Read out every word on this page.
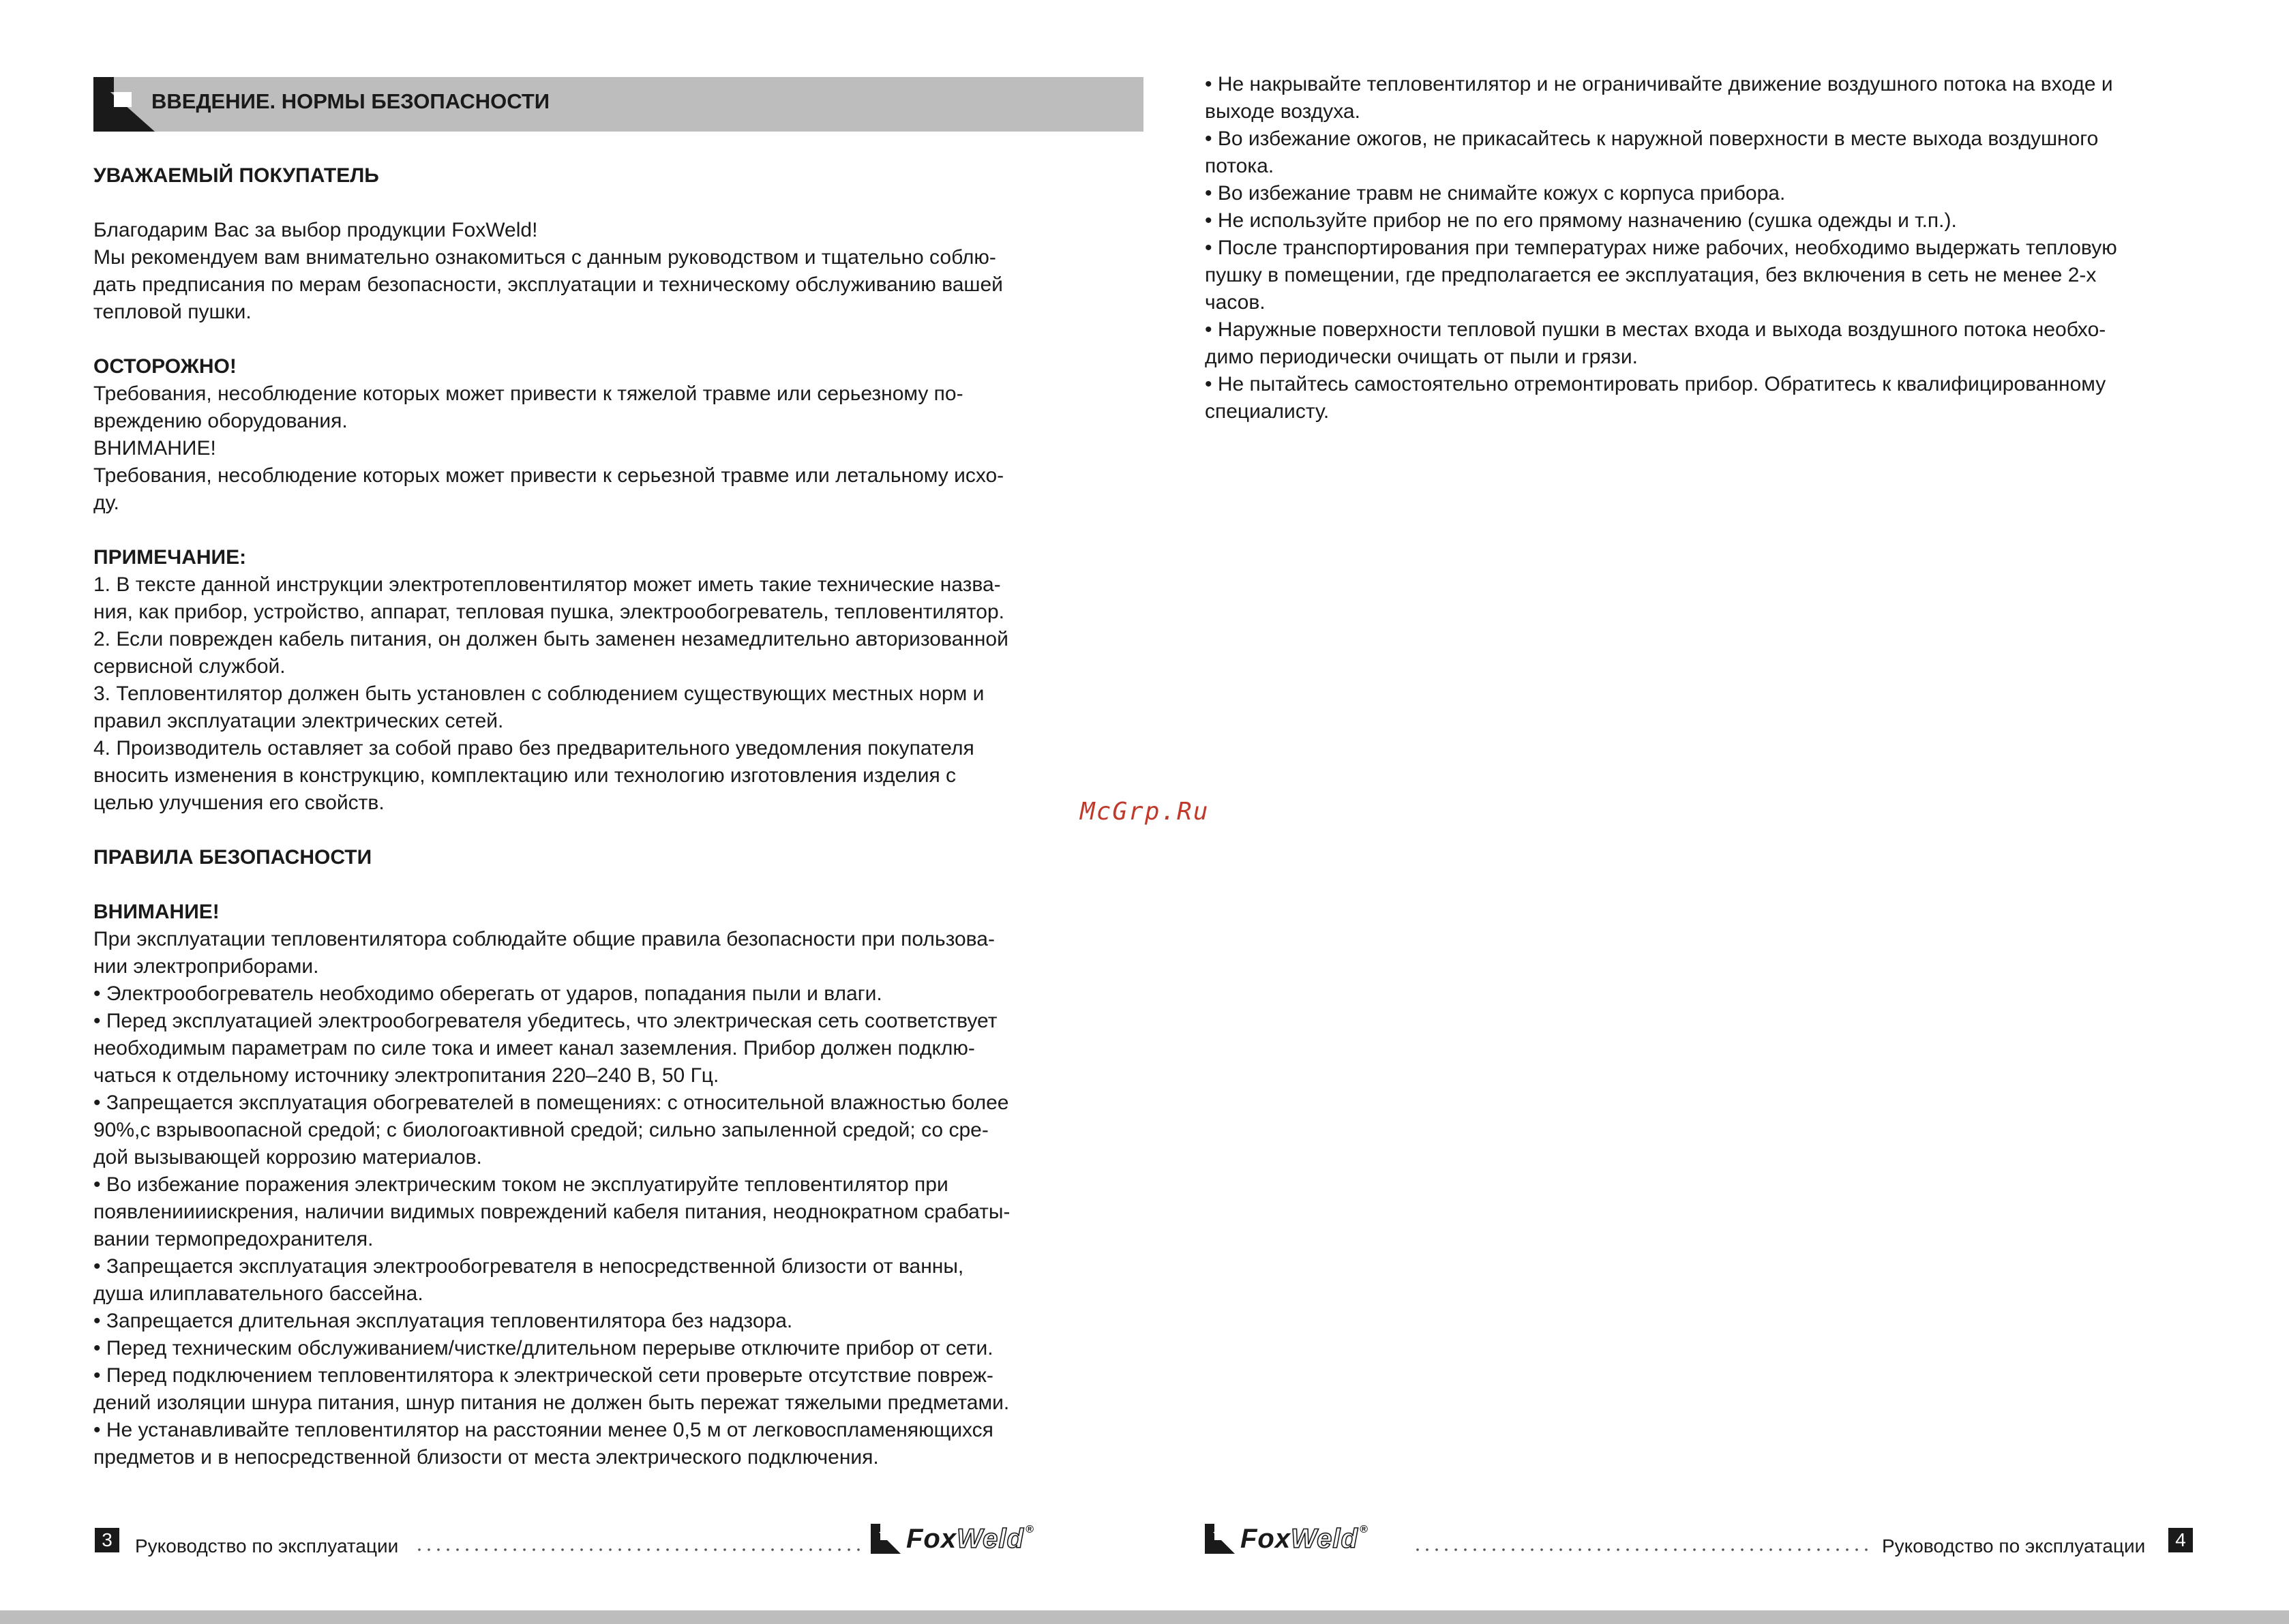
ВВЕДЕНИЕ. НОРМЫ БЕЗОПАСНОСТИ
УВАЖАЕМЫЙ ПОКУПАТЕЛЬ
Благодарим Вас за выбор продукции FoxWeld!
Мы рекомендуем вам внимательно ознакомиться с данным руководством и тщательно соблю-
дать предписания по мерам безопасности, эксплуатации и техническому обслуживанию вашей
тепловой пушки.
ОСТОРОЖНО!
Требования, несоблюдение которых может привести к тяжелой травме или серьезному по-
вреждению оборудования.
ВНИМАНИЕ!
Требования, несоблюдение которых может привести к серьезной травме или летальному исхо-
ду.
ПРИМЕЧАНИЕ:
1. В тексте данной инструкции электротепловентилятор может иметь такие технические назва-
ния, как прибор, устройство, аппарат, тепловая пушка, электрообогреватель, тепловентилятор.
2. Если поврежден кабель питания, он должен быть заменен незамедлительно авторизованной
сервисной службой.
3. Тепловентилятор должен быть установлен с соблюдением существующих местных норм и
правил эксплуатации электрических сетей.
4. Производитель оставляет за собой право без предварительного уведомления покупателя
вносить изменения в конструкцию, комплектацию или технологию изготовления изделия с
целью улучшения его свойств.
ПРАВИЛА БЕЗОПАСНОСТИ
ВНИМАНИЕ!
При эксплуатации тепловентилятора соблюдайте общие правила безопасности при пользова-
нии электроприборами.
• Электрообогреватель необходимо оберегать от ударов, попадания пыли и влаги.
• Перед эксплуатацией электрообогревателя убедитесь, что электрическая сеть соответствует
необходимым параметрам по силе тока и имеет канал заземления. Прибор должен подклю-
чаться к отдельному источнику электропитания 220–240 В, 50 Гц.
• Запрещается эксплуатация обогревателей в помещениях: с относительной влажностью более
90%,с взрывоопасной средой; с биологоактивной средой; сильно запыленной средой; со сре-
дой вызывающей коррозию материалов.
• Во избежание поражения электрическим током не эксплуатируйте тепловентилятор при
появлениииискрения, наличии видимых повреждений кабеля питания, неоднократном срабаты-
вании термопредохранителя.
• Запрещается эксплуатация электрообогревателя в непосредственной близости от ванны,
душа илиплавательного бассейна.
• Запрещается длительная эксплуатация тепловентилятора без надзора.
• Перед техническим обслуживанием/чистке/длительном перерыве отключите прибор от сети.
• Перед подключением тепловентилятора к электрической сети проверьте отсутствие повреж-
дений изоляции шнура питания, шнур питания не должен быть пережат тяжелыми предметами.
• Не устанавливайте тепловентилятор на расстоянии менее 0,5 м от легковоспламеняющихся
предметов и в непосредственной близости от места электрического подключения.
• Не накрывайте тепловентилятор и не ограничивайте движение воздушного потока на входе и
выходе воздуха.
• Во избежание ожогов, не прикасайтесь к наружной поверхности в месте выхода воздушного
потока.
• Во избежание травм не снимайте кожух с корпуса прибора.
• Не используйте прибор не по его прямому назначению (сушка одежды и т.п.).
• После транспортирования при температурах ниже рабочих, необходимо выдержать тепловую
пушку в помещении, где предполагается ее эксплуатация, без включения в сеть не менее 2-х
часов.
• Наружные поверхности тепловой пушки в местах входа и выхода воздушного потока необхо-
димо периодически очищать от пыли и грязи.
• Не пытайтесь самостоятельно отремонтировать прибор. Обратитесь к квалифицированному
специалисту.
McGrp.Ru
3	Руководство по эксплуатации	FoxWeld ®	FoxWeld ®
Руководство по эксплуатации	4
